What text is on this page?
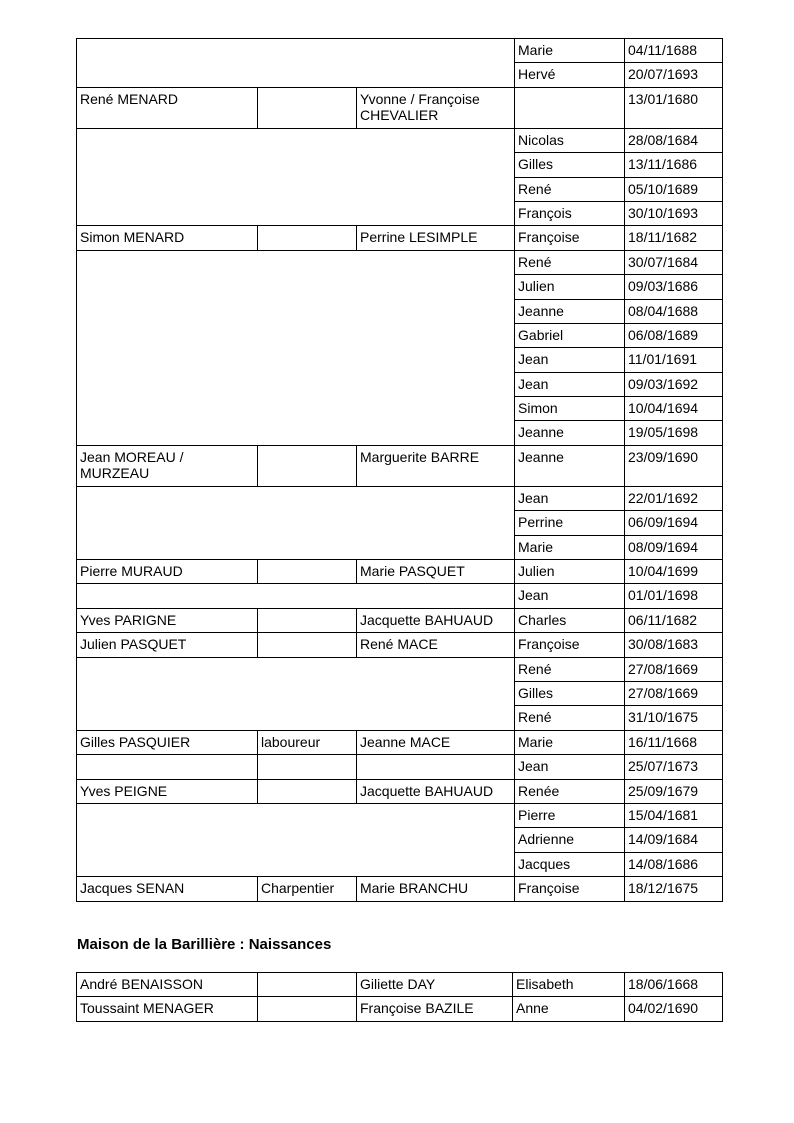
			Marie	04/11/1688
			Hervé	20/07/1693
René MENARD		Yvonne / Françoise CHEVALIER		13/01/1680
			Nicolas	28/08/1684
			Gilles	13/11/1686
			René	05/10/1689
			François	30/10/1693
Simon MENARD		Perrine LESIMPLE	Françoise	18/11/1682
			René	30/07/1684
			Julien	09/03/1686
			Jeanne	08/04/1688
			Gabriel	06/08/1689
			Jean	11/01/1691
			Jean	09/03/1692
			Simon	10/04/1694
			Jeanne	19/05/1698
Jean MOREAU / MURZEAU		Marguerite BARRE	Jeanne	23/09/1690
			Jean	22/01/1692
			Perrine	06/09/1694
			Marie	08/09/1694
Pierre MURAUD		Marie PASQUET	Julien	10/04/1699
			Jean	01/01/1698
Yves PARIGNE		Jacquette BAHUAUD	Charles	06/11/1682
Julien PASQUET		René MACE	Françoise	30/08/1683
			René	27/08/1669
			Gilles	27/08/1669
			René	31/10/1675
Gilles PASQUIER	laboureur	Jeanne MACE	Marie	16/11/1668
			Jean	25/07/1673
Yves PEIGNE		Jacquette BAHUAUD	Renée	25/09/1679
			Pierre	15/04/1681
			Adrienne	14/09/1684
			Jacques	14/08/1686
Jacques SENAN	Charpentier	Marie BRANCHU	Françoise	18/12/1675
Maison de la Barillière : Naissances
André BENAISSON		Giliette DAY	Elisabeth	18/06/1668
Toussaint MENAGER		Françoise BAZILE	Anne	04/02/1690
